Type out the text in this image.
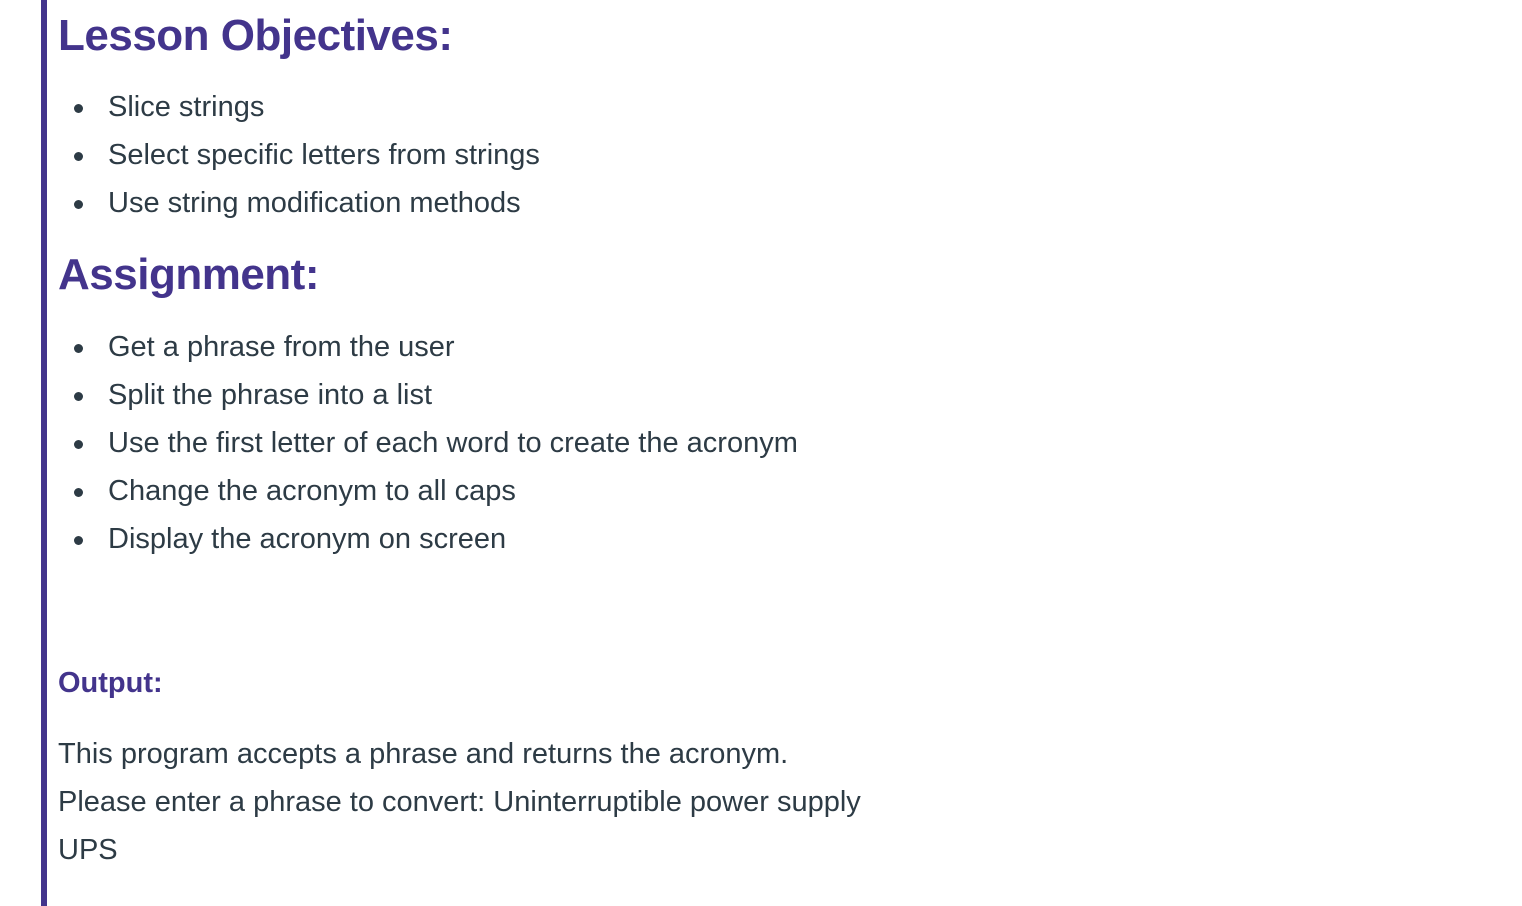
Lesson Objectives:
Slice strings
Select specific letters from strings
Use string modification methods
Assignment:
Get a phrase from the user
Split the phrase into a list
Use the first letter of each word to create the acronym
Change the acronym to all caps
Display the acronym on screen
Output:
This program accepts a phrase and returns the acronym.
Please enter a phrase to convert: Uninterruptible power supply
UPS
